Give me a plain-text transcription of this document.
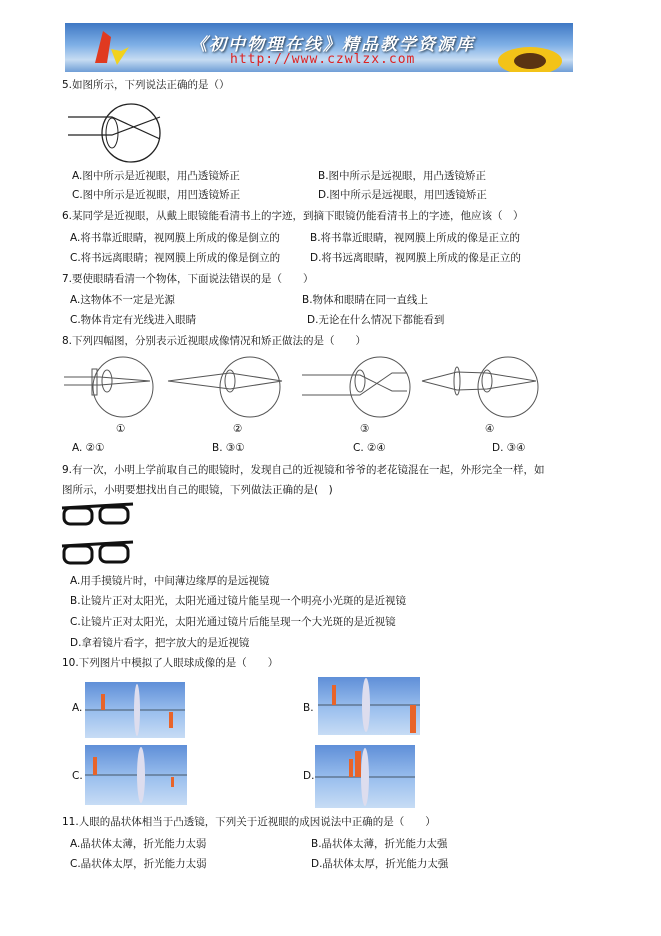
《初中物理在线》精品教学资源库
http://www.czwlzx.com
5.如图所示，下列说法正确的是（）
A.图中所示是近视眼，用凸透镜矫正	B.图中所示是远视眼，用凸透镜矫正
C.图中所示是近视眼，用凹透镜矫正	D.图中所示是远视眼，用凹透镜矫正
6.某同学是近视眼，从戴上眼镜能看清书上的字迹，到摘下眼镜仍能看清书上的字迹，他应该（　）
A.将书靠近眼睛，视网膜上所成的像是倒立的	B.将书靠近眼睛，视网膜上所成的像是正立的
C.将书远离眼睛；视网膜上所成的像是倒立的	D.将书远离眼睛，视网膜上所成的像是正立的
7.要使眼睛看清一个物体，下面说法错误的是（　　）
A.这物体不一定是光源	B.物体和眼睛在同一直线上
C.物体肯定有光线进入眼睛	D.无论在什么情况下都能看到
8.下列四幅图，分别表示近视眼成像情况和矫正做法的是（　　）
①	②	③	④
A. ②①	B. ③①	C. ②④	D. ③④
9.有一次，小明上学前取自己的眼镜时，发现自己的近视镜和爷爷的老花镜混在一起，外形完全一样，如
图所示，小明要想找出自己的眼镜，下列做法正确的是(　)
A.用手摸镜片时，中间薄边缘厚的是远视镜
B.让镜片正对太阳光，太阳光通过镜片能呈现一个明亮小光斑的是近视镜
C.让镜片正对太阳光，太阳光通过镜片后能呈现一个大光斑的是近视镜
D.拿着镜片看字，把字放大的是近视镜
10.下列图片中模拟了人眼球成像的是（　　）
A.	B.
C.	D.
11.人眼的晶状体相当于凸透镜，下列关于近视眼的成因说法中正确的是（　　）
A.晶状体太薄，折光能力太弱	B.晶状体太薄，折光能力太强
C.晶状体太厚，折光能力太弱	D.晶状体太厚，折光能力太强
